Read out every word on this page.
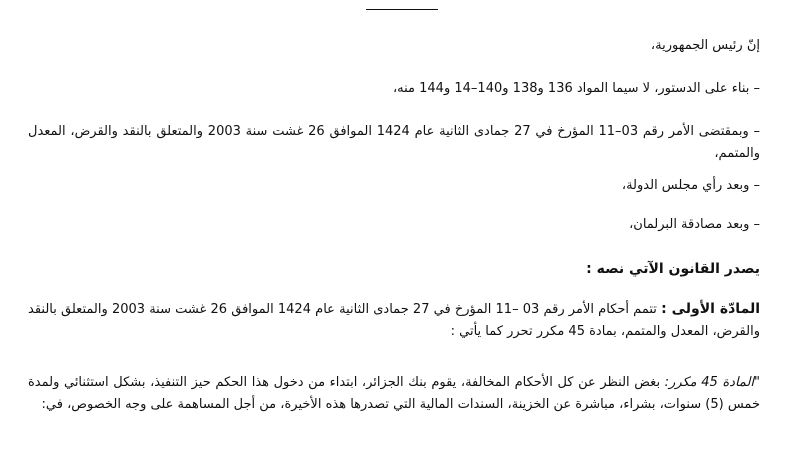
إنّ رئيس الجمهورية،
– بناء على الدستور، لا سيما المواد 136 و138 و140–14 و144 منه،
– وبمقتضى الأمر رقم 03–11 المؤرخ في 27 جمادى الثانية عام 1424 الموافق 26 غشت سنة 2003 والمتعلق بالنقد والقرض، المعدل والمتمم،
– وبعد رأي مجلس الدولة،
– وبعد مصادقة البرلمان،
يصدر القانون الآتي نصه :
المادّة الأولى : تتمم أحكام الأمر رقم 03 –11 المؤرخ في 27 جمادى الثانية عام 1424 الموافق 26 غشت سنة 2003 والمتعلق بالنقد والقرض، المعدل والمتمم، بمادة 45 مكرر تحرر كما يأتي :
"المادة 45 مكرر: بغض النظر عن كل الأحكام المخالفة، يقوم بنك الجزائر، ابتداء من دخول هذا الحكم حيز التنفيذ، بشكل استثنائي ولمدة خمس (5) سنوات، بشراء، مباشرة عن الخزينة، السندات المالية التي تصدرها هذه الأخيرة، من أجل المساهمة على وجه الخصوص، في:
